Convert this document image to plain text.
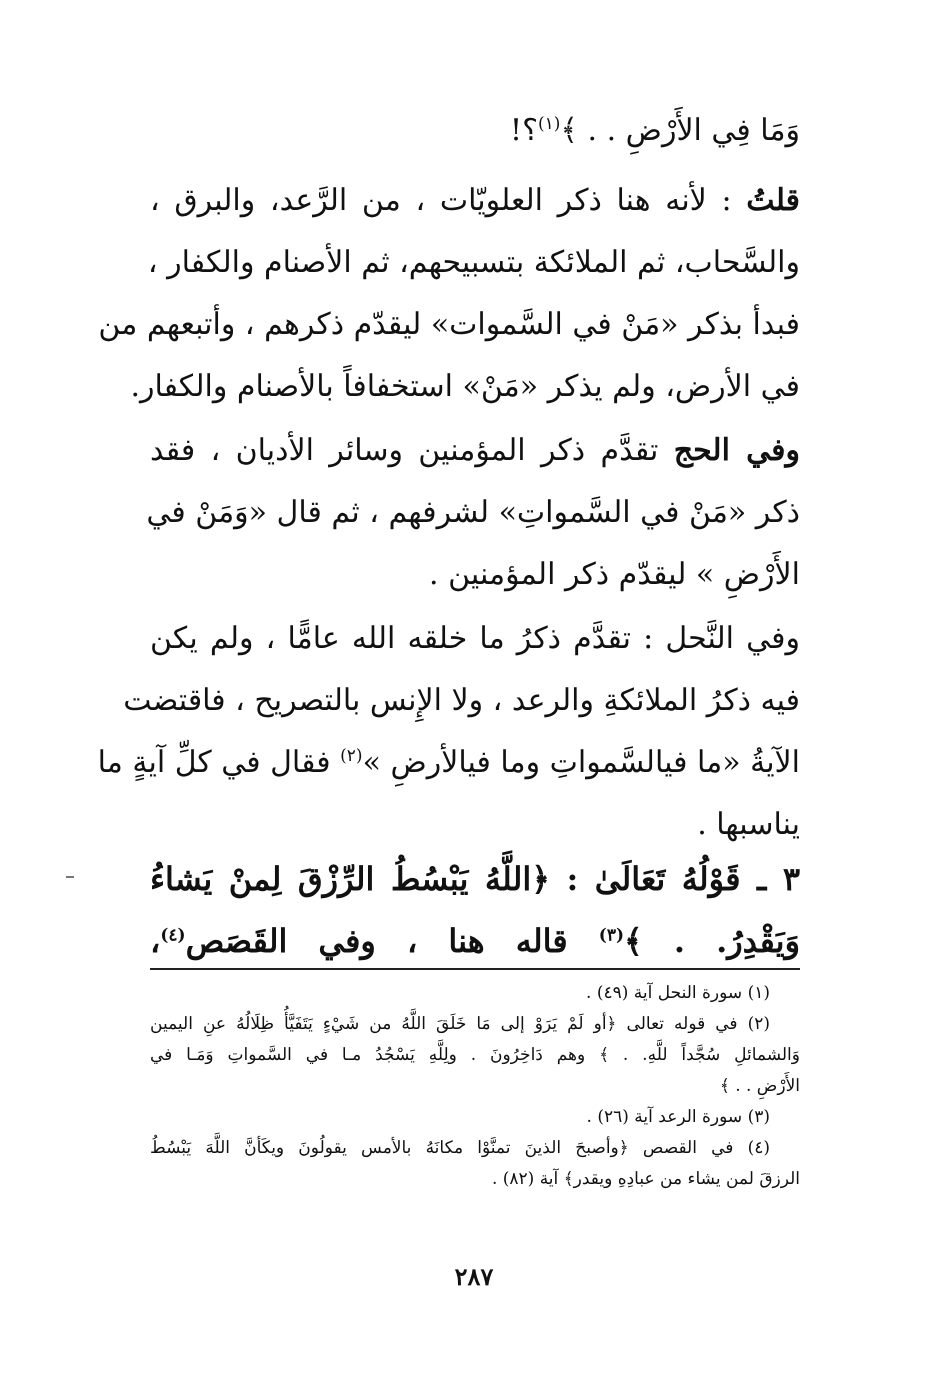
وَمَا فِي الأَرْضِ . . ﴾$^{(١)}$؟!
قلتُ : لأنه هنا ذكر العلويّات ، من الرَّعد، والبرق ،
والسَّحاب، ثم الملائكة بتسبيحهم، ثم الأصنام والكفار ،
فبدأ بذكر «مَنْ في السَّموات» ليقدّم ذكرهم ، وأتبعهم من
في الأرض، ولم يذكر «مَنْ» استخفافاً بالأصنام والكفار.
وفي الحج تقدَّم ذكر المؤمنين وسائر الأديان ، فقد
ذكر «مَنْ في السَّمواتِ» لشرفهم ، ثم قال «وَمَنْ في
الأَرْضِ » ليقدّم ذكر المؤمنين .
وفي النَّحل : تقدَّم ذكرُ ما خلقه الله عامًّا ، ولم يكن
فيه ذكرُ الملائكةِ والرعد ، ولا الإِنس بالتصريح ، فاقتضت
الآيةُ «ما فيالسَّمواتِ وما فيالأرضِ »$^{(٢)}$ فقال في كلِّ آيةٍ ما
يناسبها .
٣ ـ قَوْلُهُ تَعَالَىٰ : ﴿اللَّهُ يَبْسُطُ الرِّزْقَ لِمنْ يَشاءُ
وَيَقْدِرُ. . ﴾$^{(٣)}$ قاله هنا ، وفي القَصَص$^{(٤)}$،
(١) سورة النحل آية (٤٩) .
(٢) في قوله تعالى ﴿أو لَمْ يَرَوْ إلى مَا خَلَقَ اللَّهُ من شَيْءٍ يَتَفَيَّأُ ظِلَالُهُ عنِ اليمين
وَالشمائلِ سُجَّداً للَّهِ. . ﴾ وهم دَاخِرُونَ . ولِلَّهِ يَسْجُدُ مـا في السَّمواتِ وَمَـا في
الأَرْضِ . . ﴾
(٣) سورة الرعد آية (٢٦) .
(٤) في القصص ﴿وأصبحَ الذينَ تمنَّوْا مكانَهُ بالأمس يقولُونَ ويكَأنَّ اللَّهَ يَبْسُطُ
الرزقَ لمن يشاء من عبادِهِ ويقدر﴾ آية (٨٢) .
٢٨٧
